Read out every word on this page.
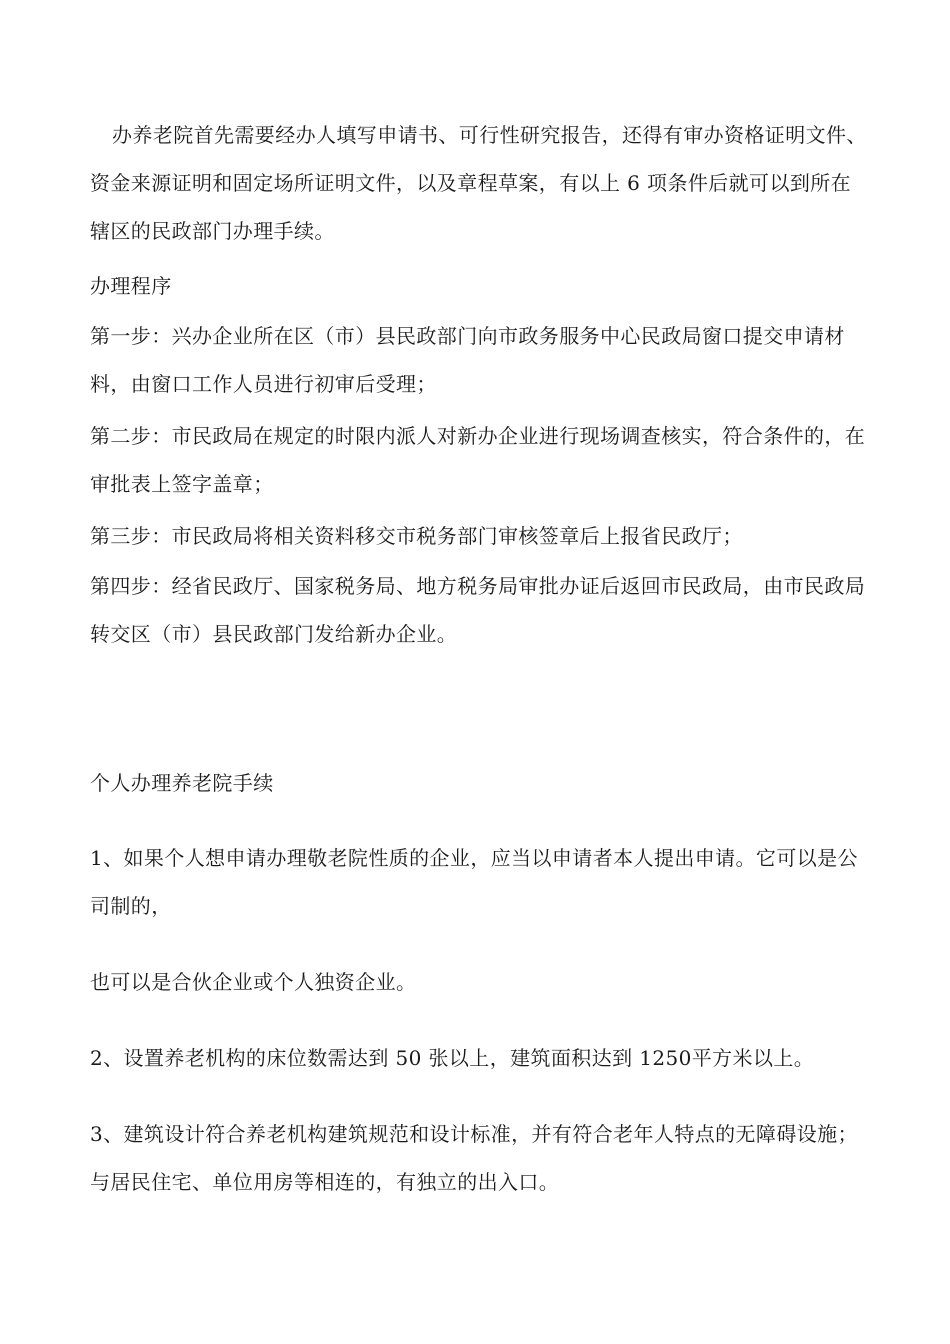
办养老院首先需要经办人填写申请书、可行性研究报告，还得有审办资格证明文件、资金来源证明和固定场所证明文件，以及章程草案，有以上 6 项条件后就可以到所在辖区的民政部门办理手续。

办理程序

第一步：兴办企业所在区（市）县民政部门向市政务服务中心民政局窗口提交申请材料，由窗口工作人员进行初审后受理；

第二步：市民政局在规定的时限内派人对新办企业进行现场调查核实，符合条件的，在审批表上签字盖章；

第三步：市民政局将相关资料移交市税务部门审核签章后上报省民政厅；

第四步：经省民政厅、国家税务局、地方税务局审批办证后返回市民政局，由市民政局转交区（市）县民政部门发给新办企业。

个人办理养老院手续

1、如果个人想申请办理敬老院性质的企业，应当以申请者本人提出申请。它可以是公司制的，

也可以是合伙企业或个人独资企业。

2、设置养老机构的床位数需达到 50 张以上，建筑面积达到 1250平方米以上。

3、建筑设计符合养老机构建筑规范和设计标准，并有符合老年人特点的无障碍设施；与居民住宅、单位用房等相连的，有独立的出入口。
